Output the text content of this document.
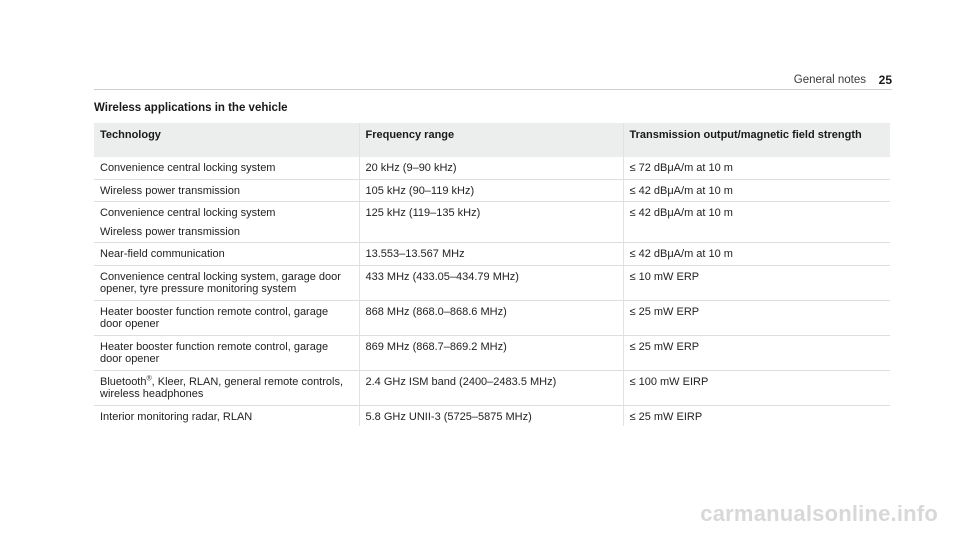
General notes 25
Wireless applications in the vehicle
Technology	Frequency range	Transmission output/magnetic field strength

Convenience central locking system	20 kHz (9–90 kHz)	≤ 72 dBμA/m at 10 m

Wireless power transmission	105 kHz (90–119 kHz)	≤ 42 dBμA/m at 10 m

Convenience central locking system
Wireless power transmission	125 kHz (119–135 kHz)	≤ 42 dBμA/m at 10 m

Near-field communication	13.553–13.567 MHz	≤ 42 dBμA/m at 10 m

Convenience central locking system, garage door opener, tyre pressure monitoring system	433 MHz (433.05–434.79 MHz)	≤ 10 mW ERP

Heater booster function remote control, garage door opener	868 MHz (868.0–868.6 MHz)	≤ 25 mW ERP

Heater booster function remote control, garage door opener	869 MHz (868.7–869.2 MHz)	≤ 25 mW ERP
Bluetooth®, Kleer, RLAN, general remote controls, wireless headphones	2.4 GHz ISM band (2400–2483.5 MHz)	≤ 100 mW EIRP

Interior monitoring radar, RLAN	5.8 GHz UNII-3 (5725–5875 MHz)	≤ 25 mW EIRP
carmanualsonline.info
